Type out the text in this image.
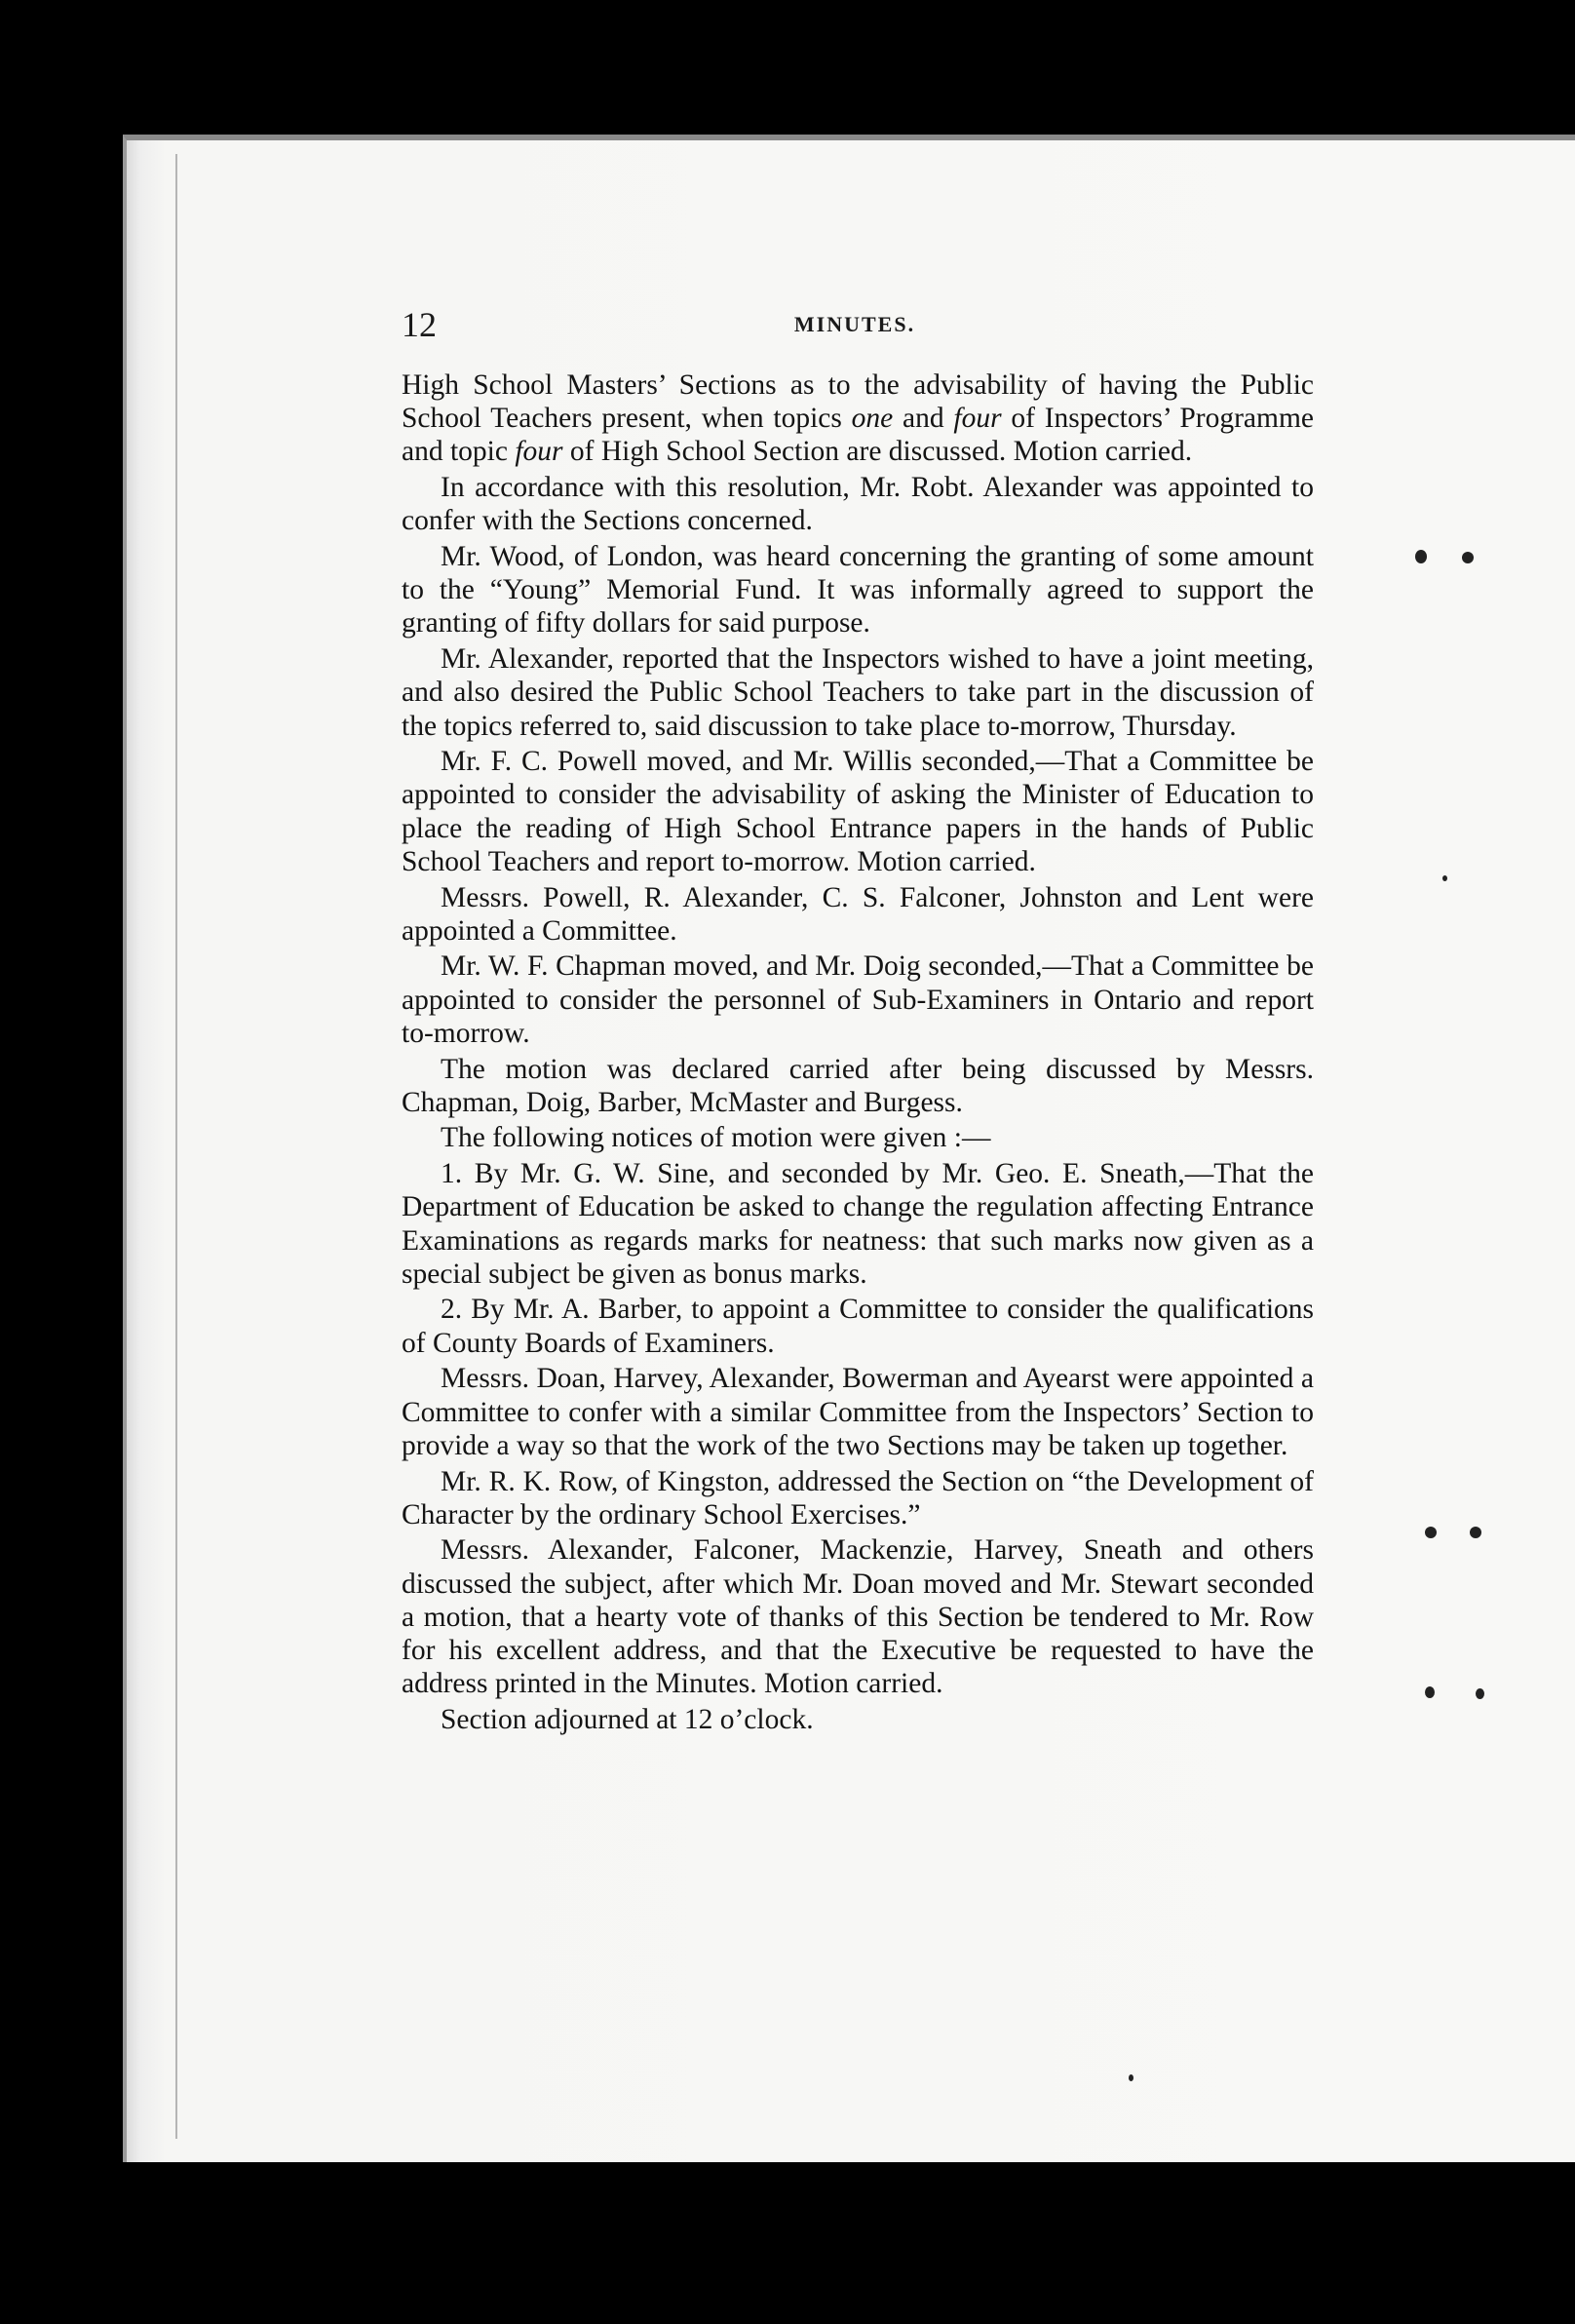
12	MINUTES.

High School Masters’ Sections as to the advisability of having the Public School Teachers present, when topics one and four of Inspectors’ Programme and topic four of High School Section are discussed. Motion carried.

In accordance with this resolution, Mr. Robt. Alexander was appointed to confer with the Sections concerned.

Mr. Wood, of London, was heard concerning the granting of some amount to the “Young” Memorial Fund. It was informally agreed to support the granting of fifty dollars for said purpose.

Mr. Alexander, reported that the Inspectors wished to have a joint meeting, and also desired the Public School Teachers to take part in the discussion of the topics referred to, said discussion to take place to-morrow, Thursday.

Mr. F. C. Powell moved, and Mr. Willis seconded,—That a Committee be appointed to consider the advisability of asking the Minister of Education to place the reading of High School Entrance papers in the hands of Public School Teachers and report to-morrow. Motion carried.

Messrs. Powell, R. Alexander, C. S. Falconer, Johnston and Lent were appointed a Committee.

Mr. W. F. Chapman moved, and Mr. Doig seconded,—That a Committee be appointed to consider the personnel of Sub-Examiners in Ontario and report to-morrow.

The motion was declared carried after being discussed by Messrs. Chapman, Doig, Barber, McMaster and Burgess.

The following notices of motion were given :—

1. By Mr. G. W. Sine, and seconded by Mr. Geo. E. Sneath,—That the Department of Education be asked to change the regulation affecting Entrance Examinations as regards marks for neatness: that such marks now given as a special subject be given as bonus marks.

2. By Mr. A. Barber, to appoint a Committee to consider the qualifications of County Boards of Examiners.

Messrs. Doan, Harvey, Alexander, Bowerman and Ayearst were appointed a Committee to confer with a similar Committee from the Inspectors’ Section to provide a way so that the work of the two Sections may be taken up together.

Mr. R. K. Row, of Kingston, addressed the Section on “the Development of Character by the ordinary School Exercises.”

Messrs. Alexander, Falconer, Mackenzie, Harvey, Sneath and others discussed the subject, after which Mr. Doan moved and Mr. Stewart seconded a motion, that a hearty vote of thanks of this Section be tendered to Mr. Row for his excellent address, and that the Executive be requested to have the address printed in the Minutes. Motion carried.

Section adjourned at 12 o’clock.
